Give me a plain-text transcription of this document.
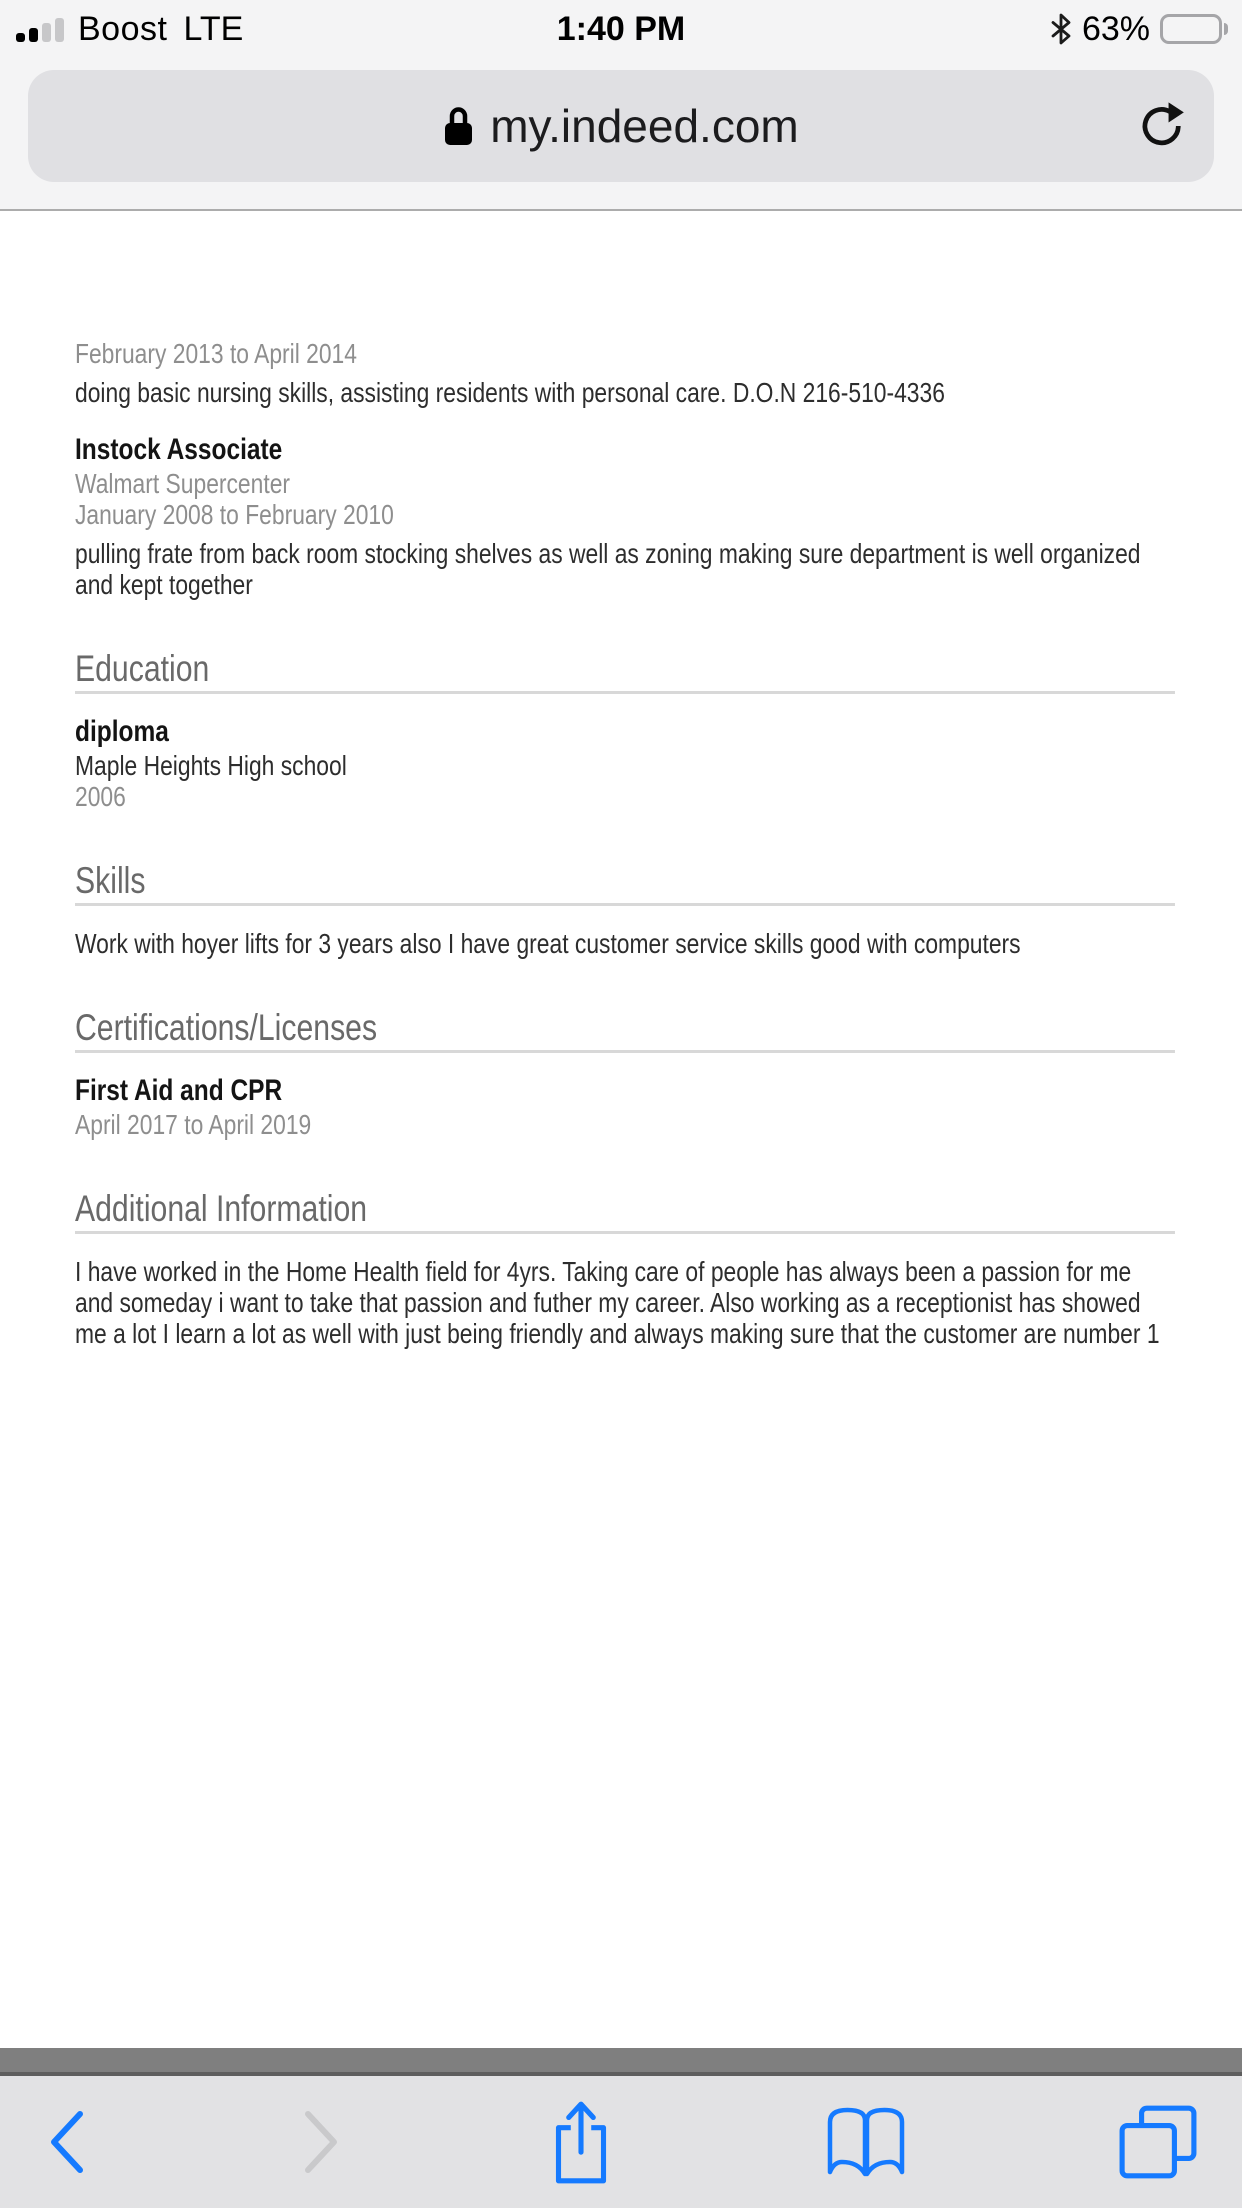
Boost LTE	1:40 PM	63%
my.indeed.com

February 2013 to April 2014

doing basic nursing skills, assisting residents with personal care. D.O.N 216-510-4336

Instock Associate

Walmart Supercenter

January 2008 to February 2010

pulling frate from back room stocking shelves as well as zoning making sure department is well organized and kept together

Education
diploma

Maple Heights High school

2006

Skills

Work with hoyer lifts for 3 years also I have great customer service skills good with computers

Certifications/Licenses
First Aid and CPR

April 2017 to April 2019

Additional Information

I have worked in the Home Health field for 4yrs. Taking care of people has always been a passion for me and someday i want to take that passion and futher my career. Also working as a receptionist has showed me a lot I learn a lot as well with just being friendly and always making sure that the customer are number 1
